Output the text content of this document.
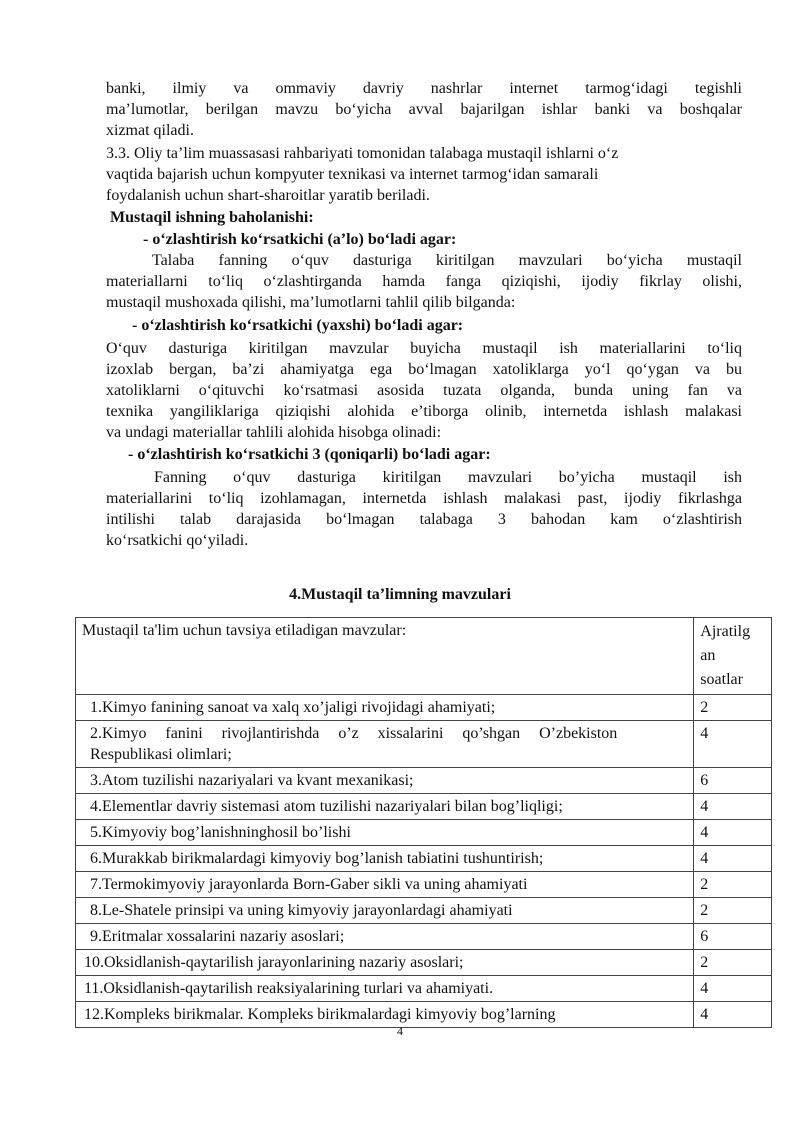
banki, ilmiy va ommaviy davriy nashrlar internet tarmog‘idagi tegishli
ma’lumotlar, berilgan mavzu bo‘yicha avval bajarilgan ishlar banki va boshqalar
xizmat qiladi.
3.3. Oliy ta’lim muassasasi rahbariyati tomonidan talabaga mustaqil ishlarni o‘z
vaqtida bajarish uchun kompyuter texnikasi va internet tarmog‘idan samarali
foydalanish uchun shart-sharoitlar yaratib beriladi.
Mustaqil ishning baholanishi:
- o‘zlashtirish ko‘rsatkichi (a’lo) bo‘ladi agar:
Talaba fanning o‘quv dasturiga kiritilgan mavzulari bo‘yicha mustaqil
materiallarni to‘liq o‘zlashtirganda hamda fanga qiziqishi, ijodiy fikrlay olishi,
mustaqil mushoxada qilishi, ma’lumotlarni tahlil qilib bilganda:
- o‘zlashtirish ko‘rsatkichi (yaxshi) bo‘ladi agar:
O‘quv dasturiga kiritilgan mavzular buyicha mustaqil ish materiallarini to‘liq
izoxlab bergan, ba’zi ahamiyatga ega bo‘lmagan xatoliklarga yo‘l qo‘ygan va bu
xatoliklarni o‘qituvchi ko‘rsatmasi asosida tuzata olganda, bunda uning fan va
texnika yangiliklariga qiziqishi alohida e’tiborga olinib, internetda ishlash malakasi
va undagi materiallar tahlili alohida hisobga olinadi:
- o‘zlashtirish ko‘rsatkichi 3 (qoniqarli) bo‘ladi agar:
Fanning o‘quv dasturiga kiritilgan mavzulari bo’yicha mustaqil ish
materiallarini to‘liq izohlamagan, internetda ishlash malakasi past, ijodiy fikrlashga
intilishi talab darajasida bo‘lmagan talabaga 3 bahodan kam o‘zlashtirish
ko‘rsatkichi qo‘yiladi.
4.Mustaqil ta’limning mavzulari
Mustaqil ta'lim uchun tavsiya etiladigan mavzular:	Ajratilg
an
soatlar

1.Kimyo fanining sanoat va xalq xo’jaligi rivojidagi ahamiyati;	2

2.Kimyo fanini rivojlantirishda o’z xissalarini qo’shgan O’zbekiston
Respublikasi olimlari;	4
3.Atom tuzilishi nazariyalari va kvant mexanikasi;	6
4.Elementlar davriy sistemasi atom tuzilishi nazariyalari bilan bog’liqligi;	4
5.Kimyoviy bog’lanishninghosil bo’lishi	4
6.Murakkab birikmalardagi kimyoviy bog’lanish tabiatini tushuntirish;	4
7.Termokimyoviy jarayonlarda Born-Gaber sikli va uning ahamiyati	2
8.Le-Shatele prinsipi va uning kimyoviy jarayonlardagi ahamiyati	2
9.Eritmalar xossalarini nazariy asoslari;	6
10.Oksidlanish-qaytarilish jarayonlarining nazariy asoslari;	2
11.Oksidlanish-qaytarilish reaksiyalarining turlari va ahamiyati.	4
12.Kompleks birikmalar. Kompleks birikmalardagi kimyoviy bog’larning	4
4
